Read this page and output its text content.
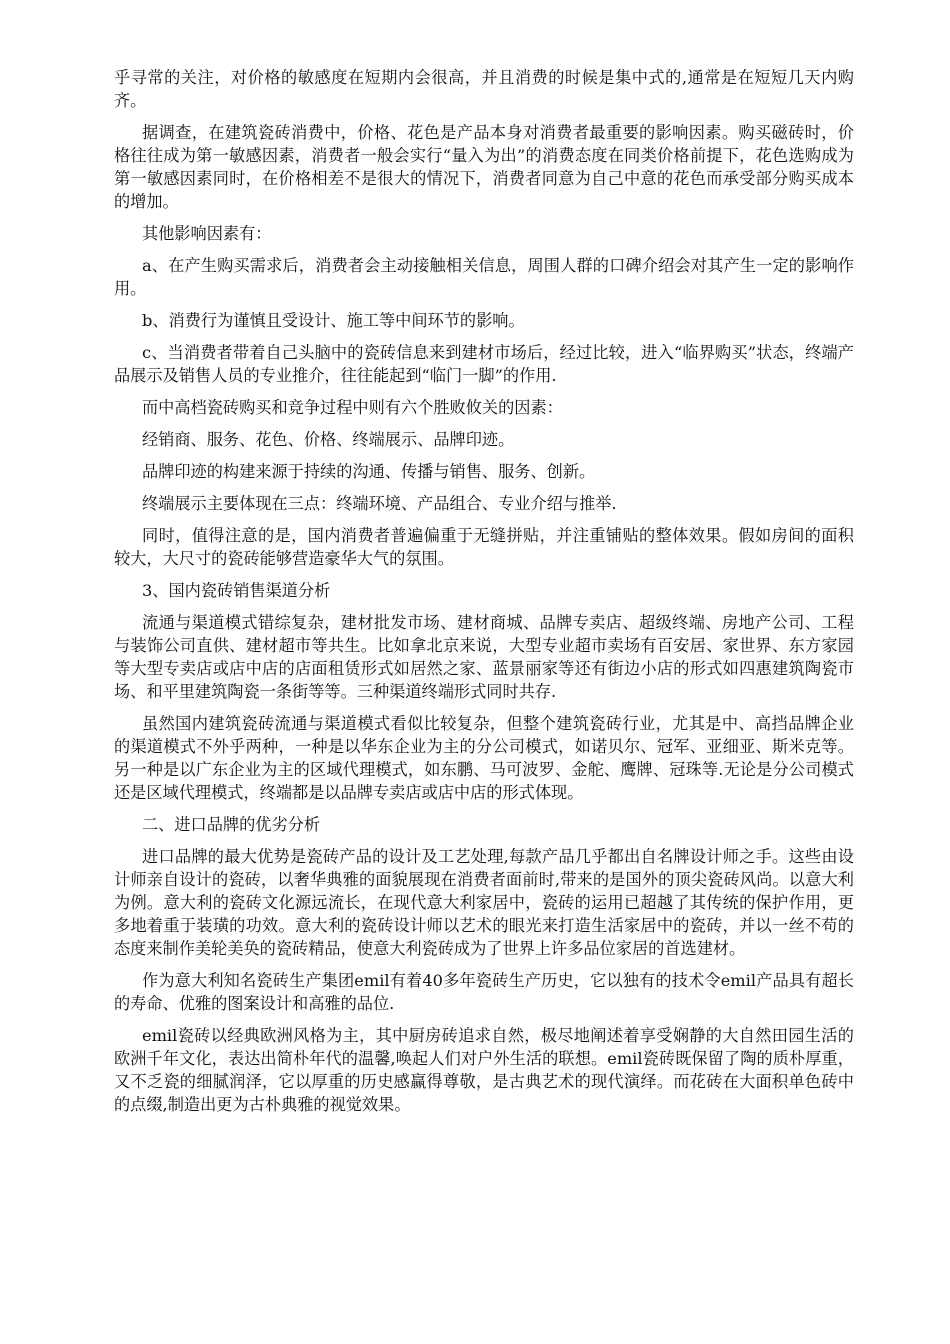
乎寻常的关注，对价格的敏感度在短期内会很高，并且消费的时候是集中式的,通常是在短短几天内购齐。

据调查，在建筑瓷砖消费中，价格、花色是产品本身对消费者最重要的影响因素。购买磁砖时，价格往往成为第一敏感因素，消费者一般会实行“量入为出”的消费态度在同类价格前提下，花色选购成为第一敏感因素同时，在价格相差不是很大的情况下，消费者同意为自己中意的花色而承受部分购买成本的增加。

其他影响因素有：

a、在产生购买需求后，消费者会主动接触相关信息，周围人群的口碑介绍会对其产生一定的影响作用。

b、消费行为谨慎且受设计、施工等中间环节的影响。

c、当消费者带着自己头脑中的瓷砖信息来到建材市场后，经过比较，进入“临界购买”状态，终端产品展示及销售人员的专业推介，往往能起到“临门一脚”的作用.

而中高档瓷砖购买和竞争过程中则有六个胜败攸关的因素：

经销商、服务、花色、价格、终端展示、品牌印迹。

品牌印迹的构建来源于持续的沟通、传播与销售、服务、创新。

终端展示主要体现在三点：终端环境、产品组合、专业介绍与推举.

同时，值得注意的是，国内消费者普遍偏重于无缝拼贴，并注重铺贴的整体效果。假如房间的面积较大，大尺寸的瓷砖能够营造豪华大气的氛围。

3、国内瓷砖销售渠道分析

流通与渠道模式错综复杂，建材批发市场、建材商城、品牌专卖店、超级终端、房地产公司、工程与装饰公司直供、建材超市等共生。比如拿北京来说，大型专业超市卖场有百安居、家世界、东方家园等大型专卖店或店中店的店面租赁形式如居然之家、蓝景丽家等还有街边小店的形式如四惠建筑陶瓷市场、和平里建筑陶瓷一条街等等。三种渠道终端形式同时共存.

虽然国内建筑瓷砖流通与渠道模式看似比较复杂，但整个建筑瓷砖行业，尤其是中、高挡品牌企业的渠道模式不外乎两种，一种是以华东企业为主的分公司模式，如诺贝尔、冠军、亚细亚、斯米克等。另一种是以广东企业为主的区域代理模式，如东鹏、马可波罗、金舵、鹰牌、冠珠等.无论是分公司模式还是区域代理模式，终端都是以品牌专卖店或店中店的形式体现。

二、进口品牌的优劣分析

进口品牌的最大优势是瓷砖产品的设计及工艺处理,每款产品几乎都出自名牌设计师之手。这些由设计师亲自设计的瓷砖，以奢华典雅的面貌展现在消费者面前时,带来的是国外的顶尖瓷砖风尚。以意大利为例。意大利的瓷砖文化源远流长，在现代意大利家居中，瓷砖的运用已超越了其传统的保护作用，更多地着重于装璜的功效。意大利的瓷砖设计师以艺术的眼光来打造生活家居中的瓷砖，并以一丝不苟的态度来制作美轮美奂的瓷砖精品，使意大利瓷砖成为了世界上许多品位家居的首选建材。

作为意大利知名瓷砖生产集团emil有着40多年瓷砖生产历史，它以独有的技术令emil产品具有超长的寿命、优雅的图案设计和高雅的品位.

emil瓷砖以经典欧洲风格为主，其中厨房砖追求自然，极尽地阐述着享受娴静的大自然田园生活的欧洲千年文化，表达出简朴年代的温馨,唤起人们对户外生活的联想。emil瓷砖既保留了陶的质朴厚重，又不乏瓷的细腻润泽，它以厚重的历史感赢得尊敬，是古典艺术的现代演绎。而花砖在大面积单色砖中的点缀,制造出更为古朴典雅的视觉效果。
